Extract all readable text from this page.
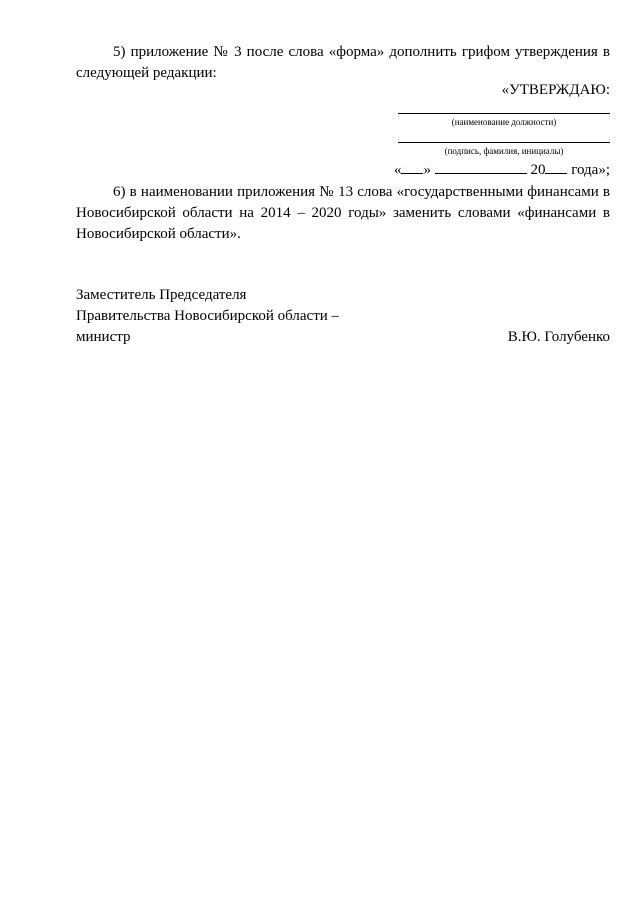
5) приложение № 3 после слова «форма» дополнить грифом утверждения в следующей редакции:

«УТВЕРЖДАЮ:
(наименование должности)
(подпись, фамилия, инициалы)
« »	20 года»;

6) в наименовании приложения № 13 слова «государственными финансами в Новосибирской области на 2014 – 2020 годы» заменить словами «финансами в Новосибирской области».

Заместитель Председателя
Правительства Новосибирской области –
министр	В.Ю. Голубенко
